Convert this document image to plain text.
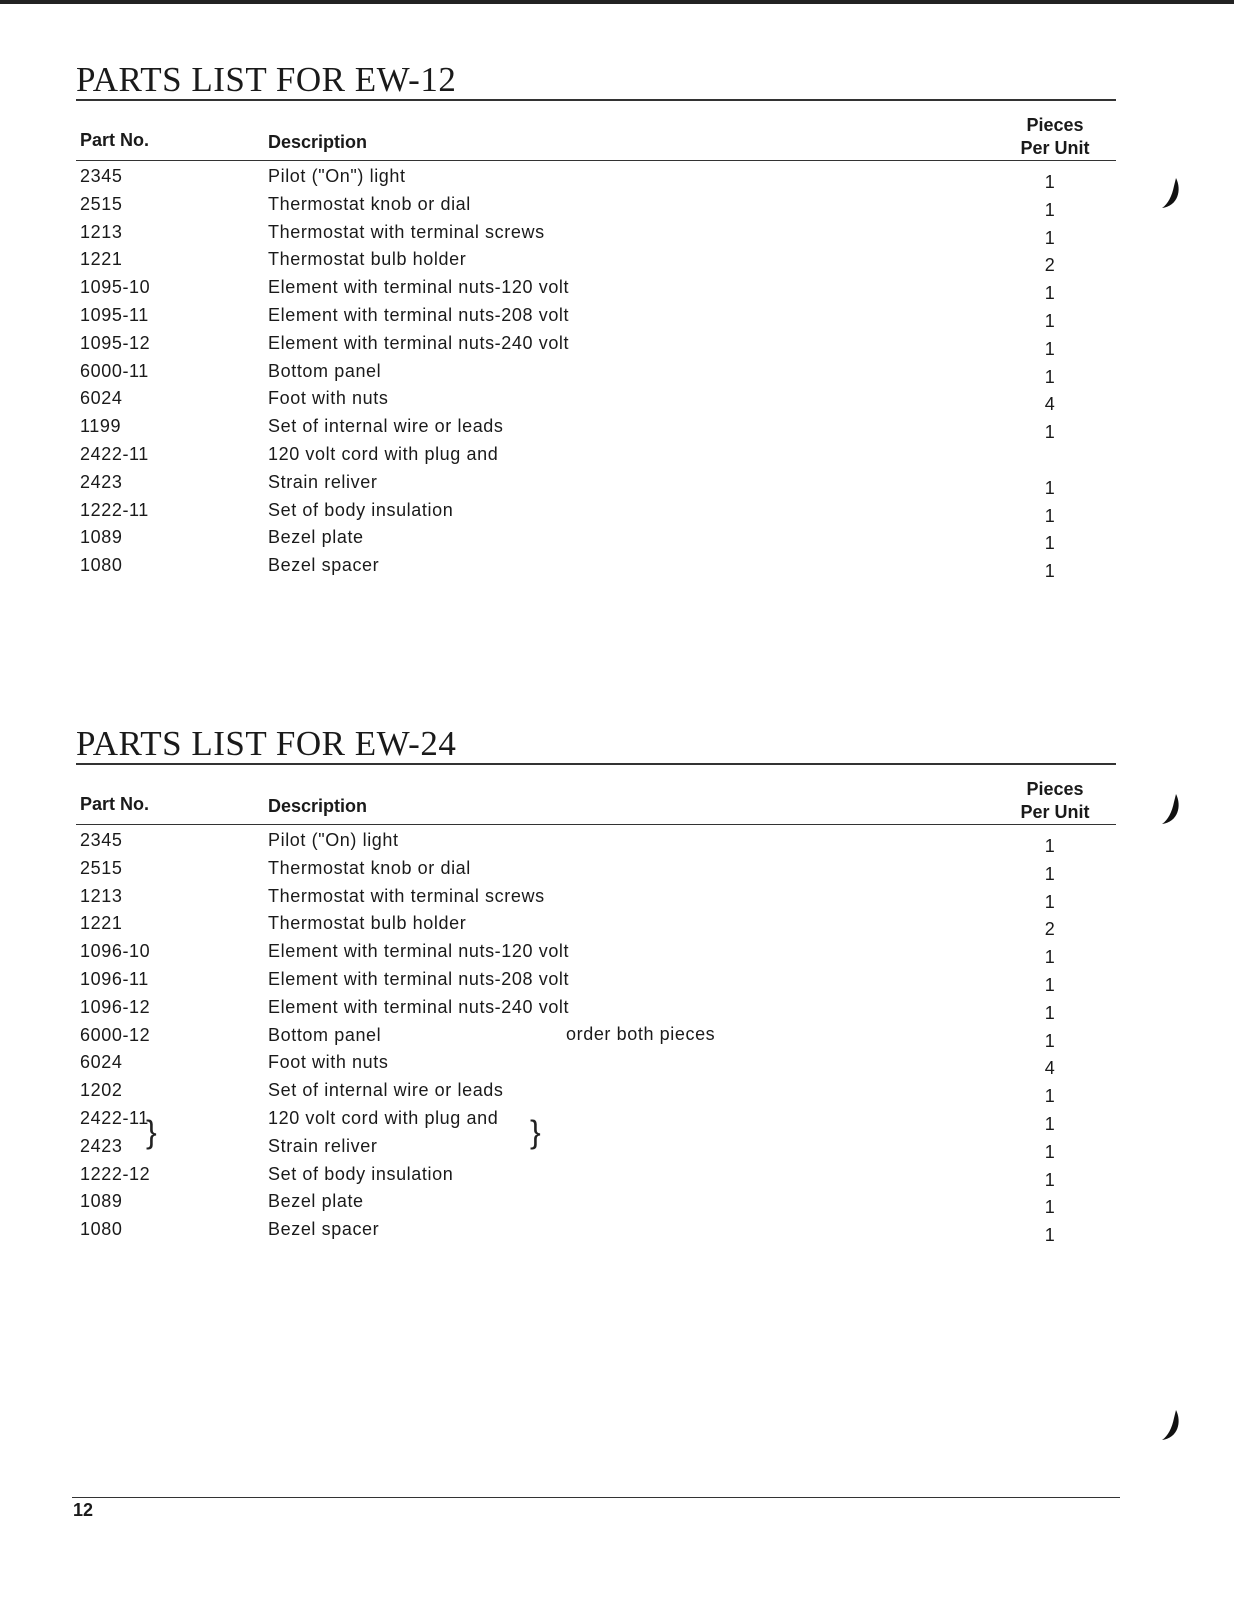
PARTS LIST FOR EW-12
Part No.	Description
Pieces
Per Unit
2345	Pilot ("On") light	1
2515	Thermostat knob or dial	1
1213	Thermostat with terminal screws	1
1221	Thermostat bulb holder	2
1095-10	Element with terminal nuts-120 volt	1
1095-11	Element with terminal nuts-208 volt	1
1095-12	Element with terminal nuts-240 volt	1
6000-11	Bottom panel	1
6024	Foot with nuts	4
1199	Set of internal wire or leads	1
2422-11	120 volt cord with plug and
2423	Strain reliver	1
1222-11	Set of body insulation	1
1089	Bezel plate	1
1080	Bezel spacer	1
PARTS LIST FOR EW-24
Part No.	Description
Pieces
Per Unit
2345	Pilot ("On) light	1
2515	Thermostat knob or dial	1
1213	Thermostat with terminal screws	1
1221	Thermostat bulb holder	2
1096-10	Element with terminal nuts-120 volt	1
1096-11	Element with terminal nuts-208 volt	1
1096-12	Element with terminal nuts-240 volt	1
6000-12	Bottom panel	1
6024	Foot with nuts	4
1202	Set of internal wire or leads	1
2422-11	120 volt cord with plug and	1
2423	Strain reliver	1
1222-12	Set of body insulation	1
1089	Bezel plate	1
1080	Bezel spacer	1
}	}
order both pieces
12
